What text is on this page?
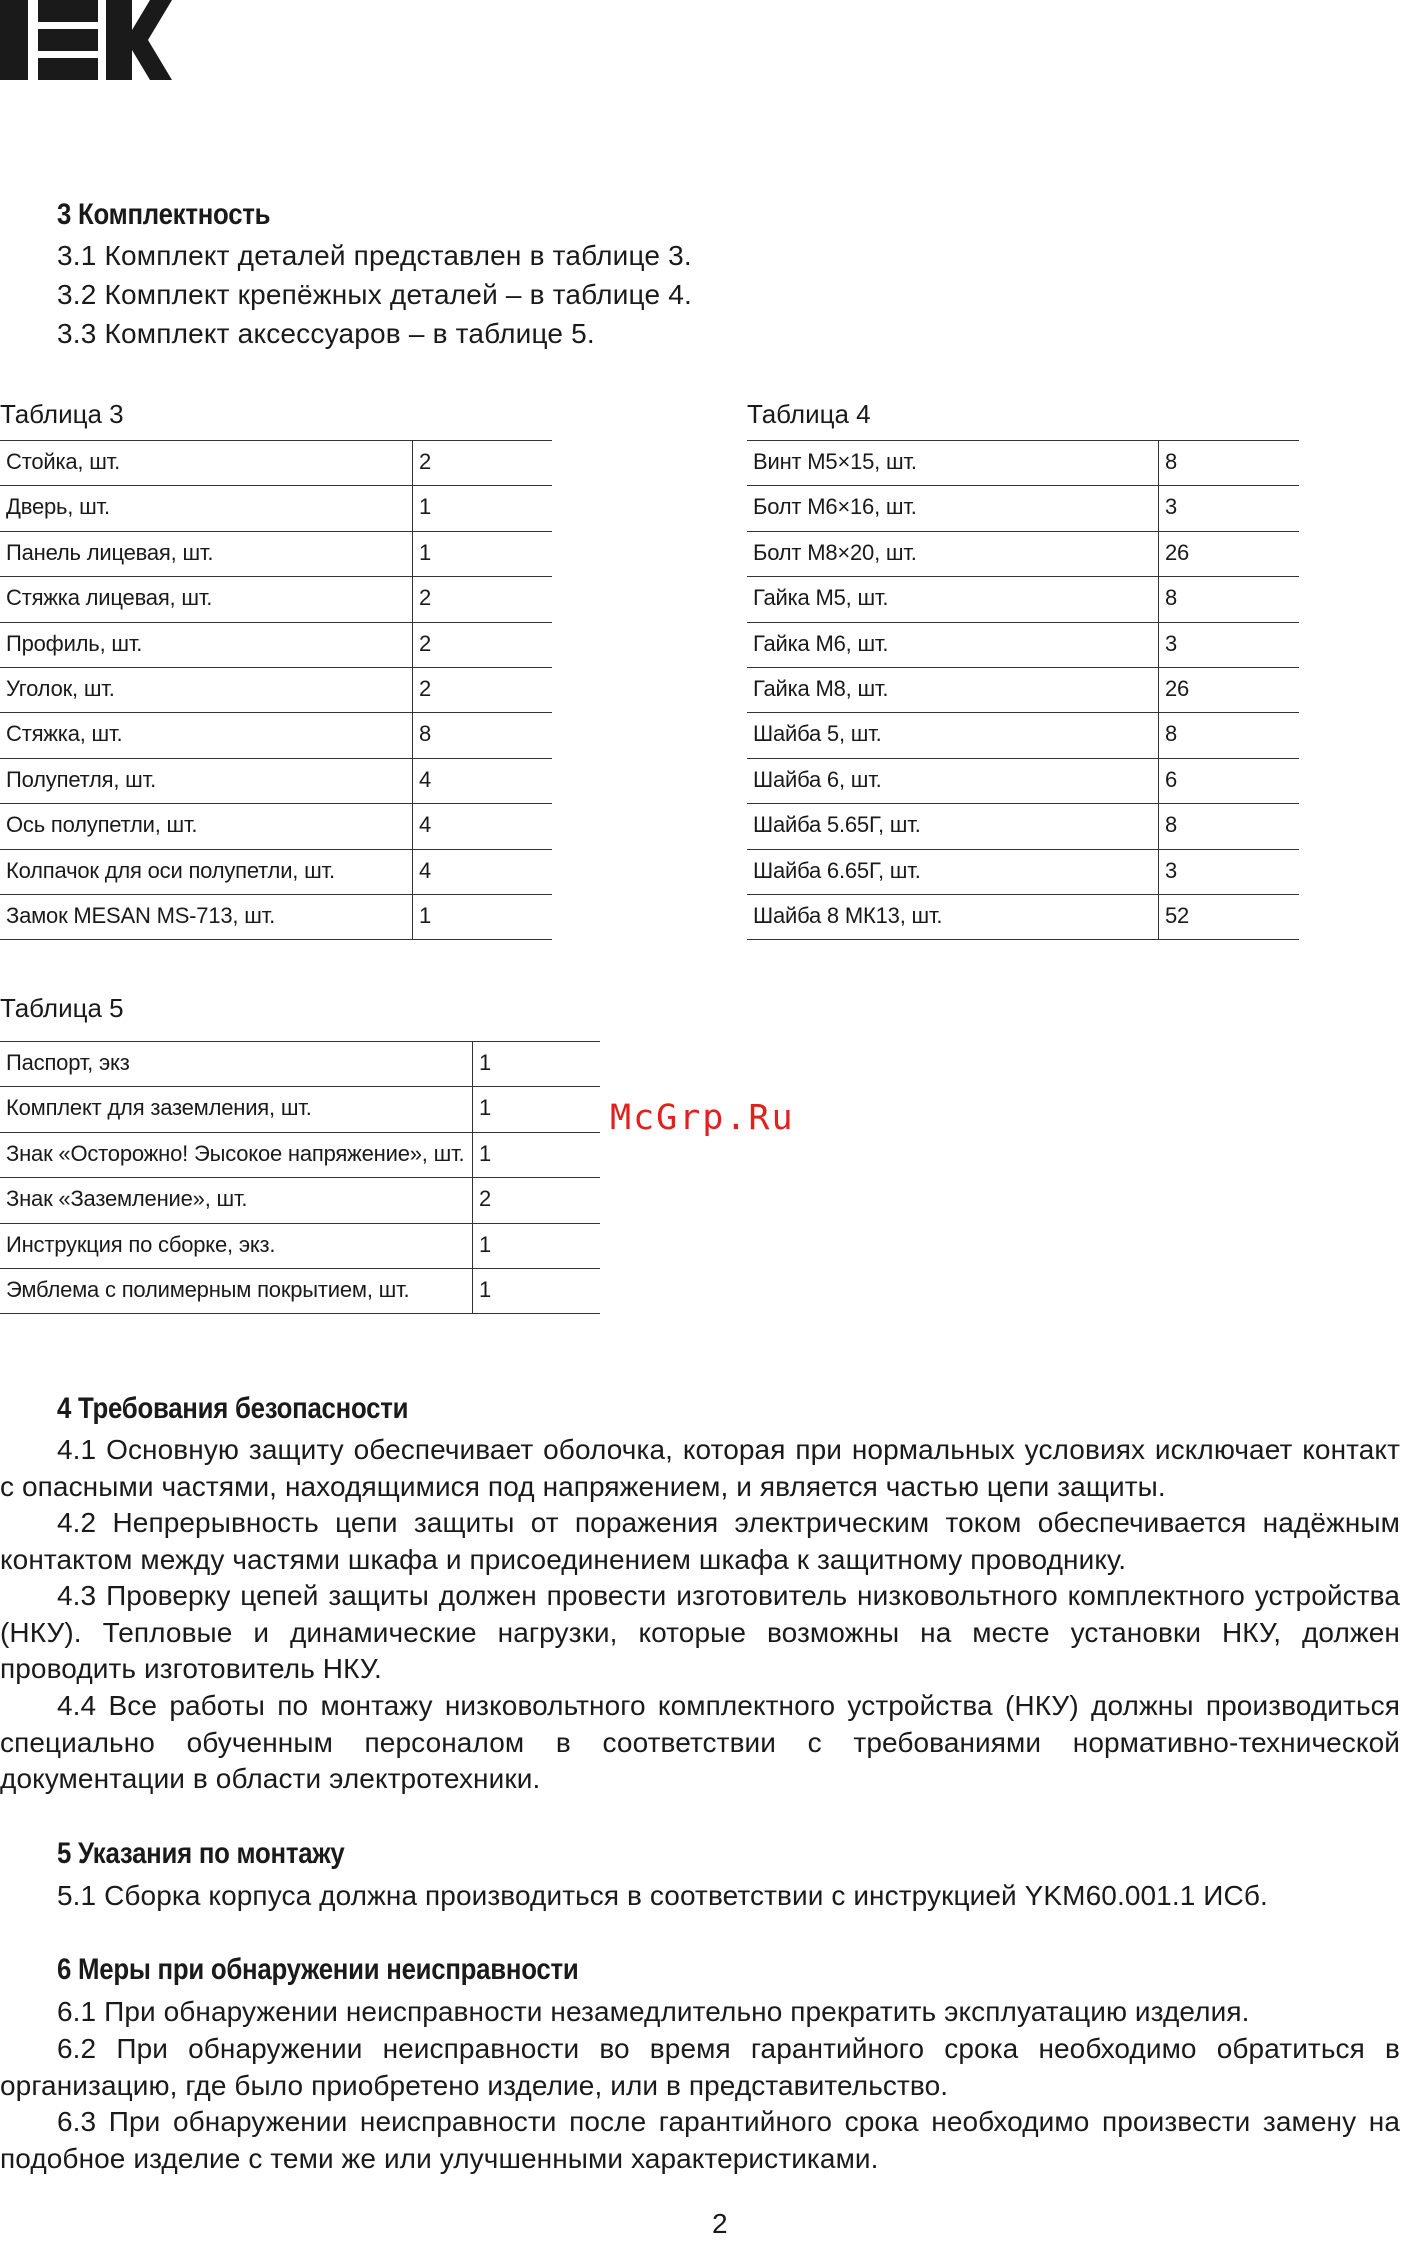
3 Комплектность

3.1 Комплект деталей представлен в таблице 3.

3.2 Комплект крепёжных деталей – в таблице 4.

3.3 Комплект аксессуаров – в таблице 5.

Таблица 3

Стойка, шт.	2
Дверь, шт.	1
Панель лицевая, шт.	1
Стяжка лицевая, шт.	2
Профиль, шт.	2
Уголок, шт.	2
Стяжка, шт.	8
Полупетля, шт.	4
Ось полупетли, шт.	4
Колпачок для оси полупетли, шт.	4
Замок MESAN MS-713, шт.	1

Таблица 4

Винт М5×15, шт.	8
Болт М6×16, шт.	3
Болт М8×20, шт.	26
Гайка М5, шт.	8
Гайка М6, шт.	3
Гайка М8, шт.	26
Шайба 5, шт.	8
Шайба 6, шт.	6
Шайба 5.65Г, шт.	8
Шайба 6.65Г, шт.	3
Шайба 8 МК13, шт.	52

Таблица 5

Паспорт, экз	1
Комплект для заземления, шт.	1
Знак «Осторожно! Эысокое напряжение», шт.	1
Знак «Заземление», шт.	2
Инструкция по сборке, экз.	1
Эмблема с полимерным покрытием, шт.	1

McGrp.Ru

4 Требования безопасности

4.1 Основную защиту обеспечивает оболочка, которая при нормальных условиях исключает контакт с опасными частями, находящимися под напряжением, и является частью цепи защиты.

4.2 Непрерывность цепи защиты от поражения электрическим током обеспечивается надёжным контактом между частями шкафа и присоединением шкафа к защитному проводнику.

4.3 Проверку цепей защиты должен провести изготовитель низковольтного комплектного устройства (НКУ). Тепловые и динамические нагрузки, которые возможны на месте установки НКУ, должен проводить изготовитель НКУ.

4.4 Все работы по монтажу низковольтного комплектного устройства (НКУ) должны производиться специально обученным персоналом в соответствии с требованиями нормативно-технической документации в области электротехники.

5 Указания по монтажу

5.1 Сборка корпуса должна производиться в соответствии с инструкцией YKM60.001.1 ИСб.

6 Меры при обнаружении неисправности

6.1 При обнаружении неисправности незамедлительно прекратить эксплуатацию изделия.

6.2 При обнаружении неисправности во время гарантийного срока необходимо обратиться в организацию, где было приобретено изделие, или в представительство.

6.3 При обнаружении неисправности после гарантийного срока необходимо произвести замену на подобное изделие с теми же или улучшенными характеристиками.

2
